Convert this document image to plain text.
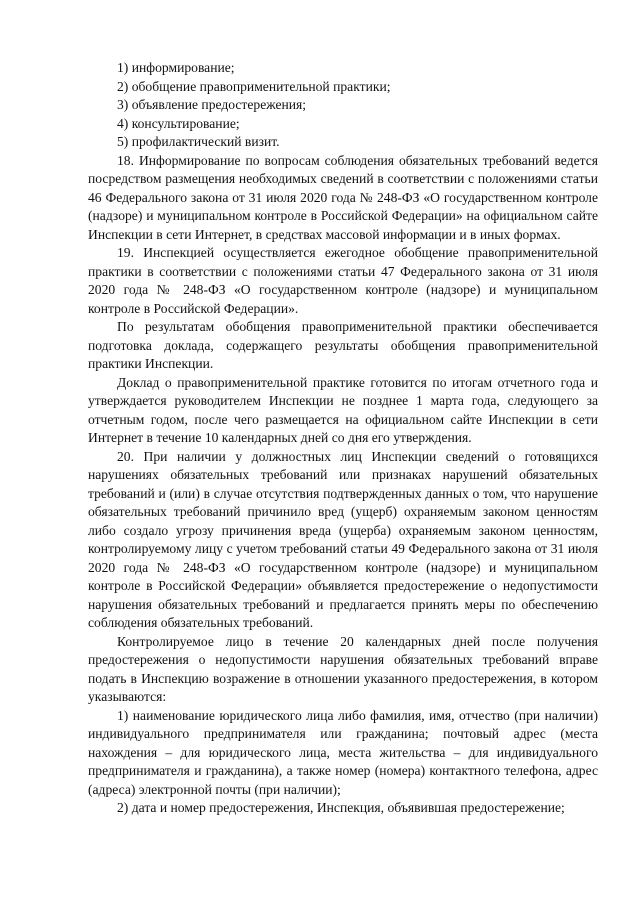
1) информирование;

2) обобщение правоприменительной практики;

3) объявление предостережения;

4) консультирование;

5) профилактический визит.

18. Информирование по вопросам соблюдения обязательных требований ведется посредством размещения необходимых сведений в соответствии с положениями статьи 46 Федерального закона от 31 июля 2020 года № 248-ФЗ «О государственном контроле (надзоре) и муниципальном контроле в Российской Федерации» на официальном сайте Инспекции в сети Интернет, в средствах массовой информации и в иных формах.

19. Инспекцией осуществляется ежегодное обобщение правоприменительной практики в соответствии с положениями статьи 47 Федерального закона от 31 июля 2020 года № 248-ФЗ «О государственном контроле (надзоре) и муниципальном контроле в Российской Федерации».

По результатам обобщения правоприменительной практики обеспечивается подготовка доклада, содержащего результаты обобщения правоприменительной практики Инспекции.

Доклад о правоприменительной практике готовится по итогам отчетного года и утверждается руководителем Инспекции не позднее 1 марта года, следующего за отчетным годом, после чего размещается на официальном сайте Инспекции в сети Интернет в течение 10 календарных дней со дня его утверждения.

20. При наличии у должностных лиц Инспекции сведений о готовящихся нарушениях обязательных требований или признаках нарушений обязательных требований и (или) в случае отсутствия подтвержденных данных о том, что нарушение обязательных требований причинило вред (ущерб) охраняемым законом ценностям либо создало угрозу причинения вреда (ущерба) охраняемым законом ценностям, контролируемому лицу с учетом требований статьи 49 Федерального закона от 31 июля 2020 года № 248-ФЗ «О государственном контроле (надзоре) и муниципальном контроле в Российской Федерации» объявляется предостережение о недопустимости нарушения обязательных требований и предлагается принять меры по обеспечению соблюдения обязательных требований.

Контролируемое лицо в течение 20 календарных дней после получения предостережения о недопустимости нарушения обязательных требований вправе подать в Инспекцию возражение в отношении указанного предостережения, в котором указываются:

1) наименование юридического лица либо фамилия, имя, отчество (при наличии) индивидуального предпринимателя или гражданина; почтовый адрес (места нахождения – для юридического лица, места жительства – для индивидуального предпринимателя и гражданина), а также номер (номера) контактного телефона, адрес (адреса) электронной почты (при наличии);

2) дата и номер предостережения, Инспекция, объявившая предостережение;
